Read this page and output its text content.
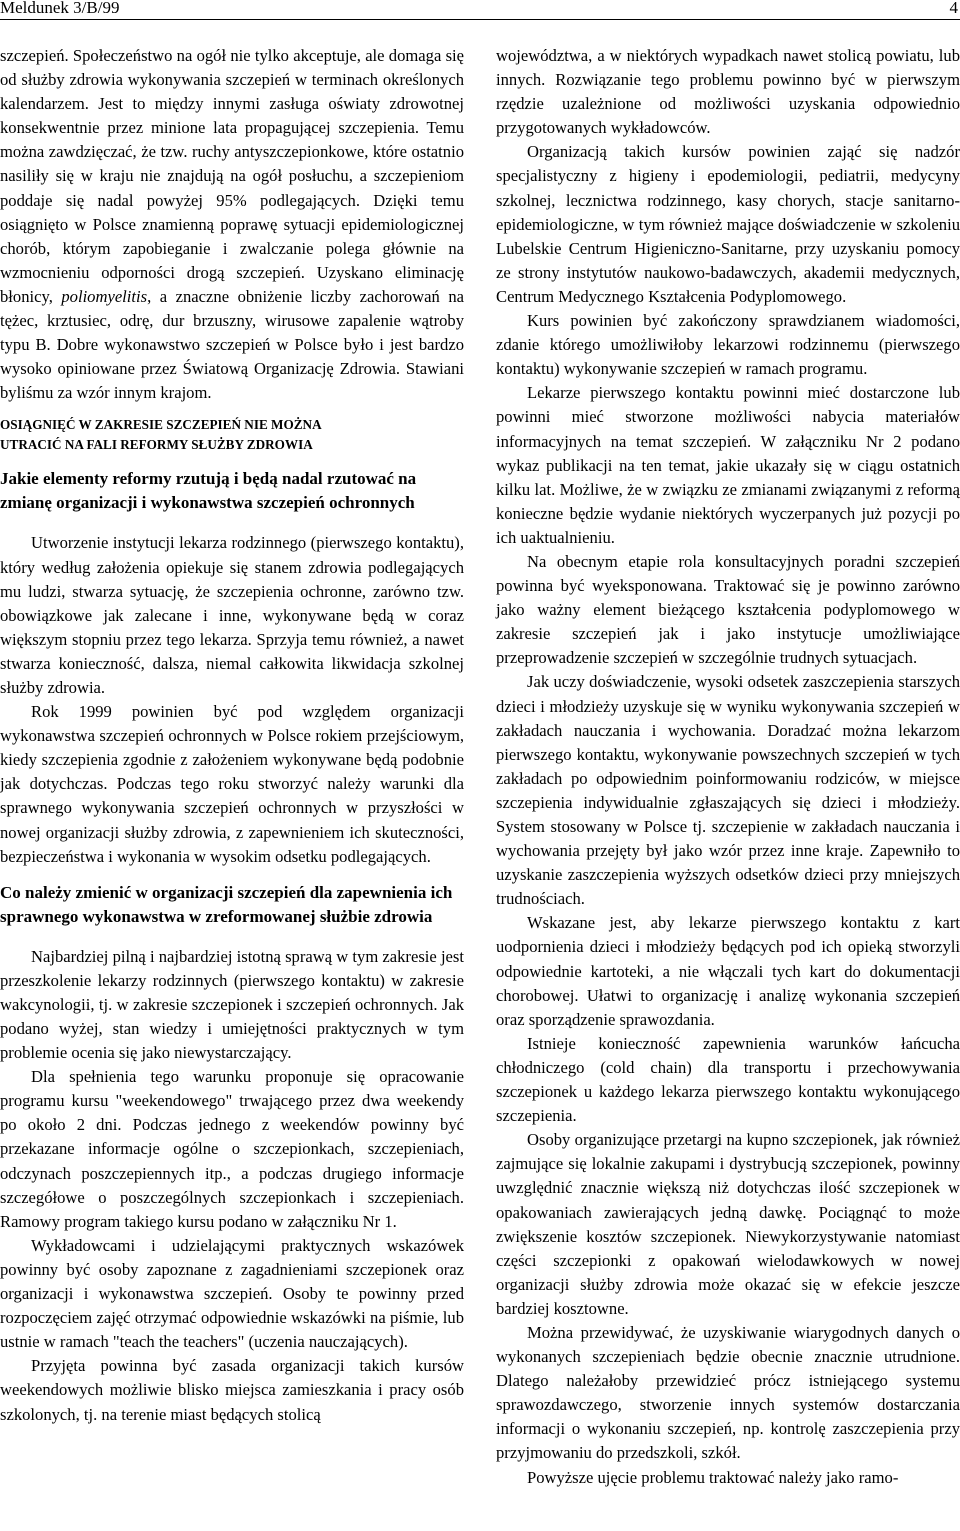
Meldunek 3/B/99	4

szczepień. Społeczeństwo na ogół nie tylko akceptuje, ale domaga się od służby zdrowia wykonywania szczepień w terminach określonych kalendarzem. Jest to między innymi zasługa oświaty zdrowotnej konsekwentnie przez minione lata propagującej szczepienia. Temu można zawdzięczać, że tzw. ruchy antyszczepionkowe, które ostatnio nasiliły się w kraju nie znajdują na ogół posłuchu, a szczepieniom poddaje się nadal powyżej 95% podlegających. Dzięki temu osiągnięto w Polsce znamienną poprawę sytuacji epidemiologicznej chorób, którym zapobieganie i zwalczanie polega głównie na wzmocnieniu odporności drogą szczepień. Uzyskano eliminację błonicy, poliomyelitis, a znaczne obniżenie liczby zachorowań na tężec, krztusiec, odrę, dur brzuszny, wirusowe zapalenie wątroby typu B. Dobre wykonawstwo szczepień w Polsce było i jest bardzo wysoko opiniowane przez Światową Organizację Zdrowia. Stawiani byliśmu za wzór innym krajom.

OSIĄGNIĘĆ W ZAKRESIE SZCZEPIEŃ NIE MOŻNA
UTRACIĆ NA FALI REFORMY SŁUŻBY ZDROWIA
Jakie elementy reformy rzutują i będą nadal rzutować na zmianę organizacji i wykonawstwa szczepień ochronnych

Utworzenie instytucji lekarza rodzinnego (pierwszego kontaktu), który według założenia opiekuje się stanem zdrowia podlegających mu ludzi, stwarza sytuację, że szczepienia ochronne, zarówno tzw. obowiązkowe jak zalecane i inne, wykonywane będą w coraz większym stopniu przez tego lekarza. Sprzyja temu również, a nawet stwarza konieczność, dalsza, niemal całkowita likwidacja szkolnej służby zdrowia.

Rok 1999 powinien być pod względem organizacji wykonawstwa szczepień ochronnych w Polsce rokiem przejściowym, kiedy szczepienia zgodnie z założeniem wykonywane będą podobnie jak dotychczas. Podczas tego roku stworzyć należy warunki dla sprawnego wykonywania szczepień ochronnych w przyszłości w nowej organizacji służby zdrowia, z zapewnieniem ich skuteczności, bezpieczeństwa i wykonania w wysokim odsetku podlegających.

Co należy zmienić w organizacji szczepień dla zapewnienia ich sprawnego wykonawstwa w zreformowanej służbie zdrowia

Najbardziej pilną i najbardziej istotną sprawą w tym zakresie jest przeszkolenie lekarzy rodzinnych (pierwszego kontaktu) w zakresie wakcynologii, tj. w zakresie szczepionek i szczepień ochronnych. Jak podano wyżej, stan wiedzy i umiejętności praktycznych w tym problemie ocenia się jako niewystarczający.

Dla spełnienia tego warunku proponuje się opracowanie programu kursu "weekendowego" trwającego przez dwa weekendy po około 2 dni. Podczas jednego z weekendów powinny być przekazane informacje ogólne o szczepionkach, szczepieniach, odczynach poszczepiennych itp., a podczas drugiego informacje szczegółowe o poszczególnych szczepionkach i szczepieniach. Ramowy program takiego kursu podano w załączniku Nr 1.

Wykładowcami i udzielającymi praktycznych wskazówek powinny być osoby zapoznane z zagadnieniami szczepionek oraz organizacji i wykonawstwa szczepień. Osoby te powinny przed rozpoczęciem zajęć otrzymać odpowiednie wskazówki na piśmie, lub ustnie w ramach "teach the teachers" (uczenia nauczających).

Przyjęta powinna być zasada organizacji takich kursów weekendowych możliwie blisko miejsca zamieszkania i pracy osób szkolonych, tj. na terenie miast będących stolicą

województwa, a w niektórych wypadkach nawet stolicą powiatu, lub innych. Rozwiązanie tego problemu powinno być w pierwszym rzędzie uzależnione od możliwości uzyskania odpowiednio przygotowanych wykładowców.

Organizacją takich kursów powinien zająć się nadzór specjalistyczny z higieny i epodemiologii, pediatrii, medycyny szkolnej, lecznictwa rodzinnego, kasy chorych, stacje sanitarno-epidemiologiczne, w tym również mające doświadczenie w szkoleniu Lubelskie Centrum Higieniczno-Sanitarne, przy uzyskaniu pomocy ze strony instytutów naukowo-badawczych, akademii medycznych, Centrum Medycznego Kształcenia Podyplomowego.

Kurs powinien być zakończony sprawdzianem wiadomości, zdanie którego umożliwiłoby lekarzowi rodzinnemu (pierwszego kontaktu) wykonywanie szczepień w ramach programu.

Lekarze pierwszego kontaktu powinni mieć dostarczone lub powinni mieć stworzone możliwości nabycia materiałów informacyjnych na temat szczepień. W załączniku Nr 2 podano wykaz publikacji na ten temat, jakie ukazały się w ciągu ostatnich kilku lat. Możliwe, że w związku ze zmianami związanymi z reformą konieczne będzie wydanie niektórych wyczerpanych już pozycji po ich uaktualnieniu.

Na obecnym etapie rola konsultacyjnych poradni szczepień powinna być wyeksponowana. Traktować się je powinno zarówno jako ważny element bieżącego kształcenia podyplomowego w zakresie szczepień jak i jako instytucje umożliwiające przeprowadzenie szczepień w szczególnie trudnych sytuacjach.

Jak uczy doświadczenie, wysoki odsetek zaszczepienia starszych dzieci i młodzieży uzyskuje się w wyniku wykonywania szczepień w zakładach nauczania i wychowania. Doradzać można lekarzom pierwszego kontaktu, wykonywanie powszechnych szczepień w tych zakładach po odpowiednim poinformowaniu rodziców, w miejsce szczepienia indywidualnie zgłaszających się dzieci i młodzieży. System stosowany w Polsce tj. szczepienie w zakładach nauczania i wychowania przejęty był jako wzór przez inne kraje. Zapewniło to uzyskanie zaszczepienia wyższych odsetków dzieci przy mniejszych trudnościach.

Wskazane jest, aby lekarze pierwszego kontaktu z kart uodpornienia dzieci i młodzieży będących pod ich opieką stworzyli odpowiednie kartoteki, a nie włączali tych kart do dokumentacji chorobowej. Ułatwi to organizację i analizę wykonania szczepień oraz sporządzenie sprawozdania.

Istnieje konieczność zapewnienia warunków łańcucha chłodniczego (cold chain) dla transportu i przechowywania szczepionek u każdego lekarza pierwszego kontaktu wykonującego szczepienia.

Osoby organizujące przetargi na kupno szczepionek, jak również zajmujące się lokalnie zakupami i dystrybucją szczepionek, powinny uwzględnić znacznie większą niż dotychczas ilość szczepionek w opakowaniach zawierających jedną dawkę. Pociągnąć to może zwiększenie kosztów szczepionek. Niewykorzystywanie natomiast części szczepionki z opakowań wielodawkowych w nowej organizacji służby zdrowia może okazać się w efekcie jeszcze bardziej kosztowne.

Można przewidywać, że uzyskiwanie wiarygodnych danych o wykonanych szczepieniach będzie obecnie znacznie utrudnione. Dlatego należałoby przewidzieć prócz istniejącego systemu sprawozdawczego, stworzenie innych systemów dostarczania informacji o wykonaniu szczepień, np. kontrolę zaszczepienia przy przyjmowaniu do przedszkoli, szkół.

Powyższe ujęcie problemu traktować należy jako ramo-
